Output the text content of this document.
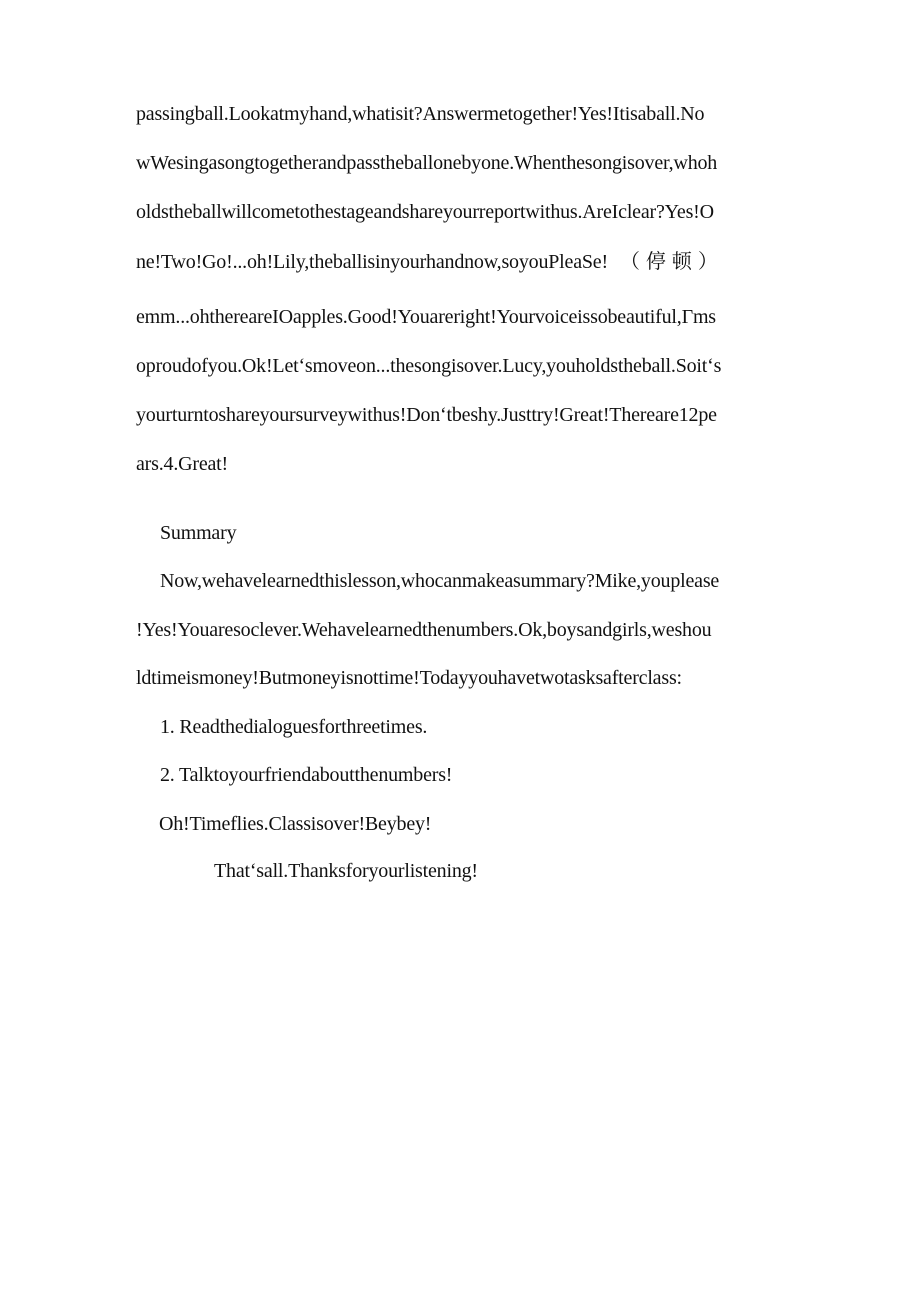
passingball.Lookatmyhand,whatisit?Answermetogether!Yes!Itisaball.No
wWesingasongtogetherandpasstheballonebyone.Whenthesongisover,whoh
oldstheballwillcometothestageandshareyourreportwithus.AreIclear?Yes!O
ne!Two!Go!...oh!Lily,theballisinyourhandnow,soyouPleaSe! （停顿）
emm...ohthereareIOapples.Good!Youareright!Yourvoiceissobeautiful,Γms
oproudofyou.Ok!Let‘smoveon...thesongisover.Lucy,youholdstheball.Soit‘s
yourturntoshareyoursurveywithus!Don‘tbeshy.Justtry!Great!Thereare12pe
ars.4.Great!
Summary
Now,wehavelearnedthislesson,whocanmakeasummary?Mike,youplease
!Yes!Youaresoclever.Wehavelearnedthenumbers.Ok,boysandgirls,weshou
ldtimeismoney!Butmoneyisnottime!Todayyouhavetwotasksafterclass:
1. Readthedialoguesforthreetimes.
2. Talktoyourfriendaboutthenumbers!
Oh!Timeflies.Classisover!Beybey!
That‘sall.Thanksforyourlistening!
